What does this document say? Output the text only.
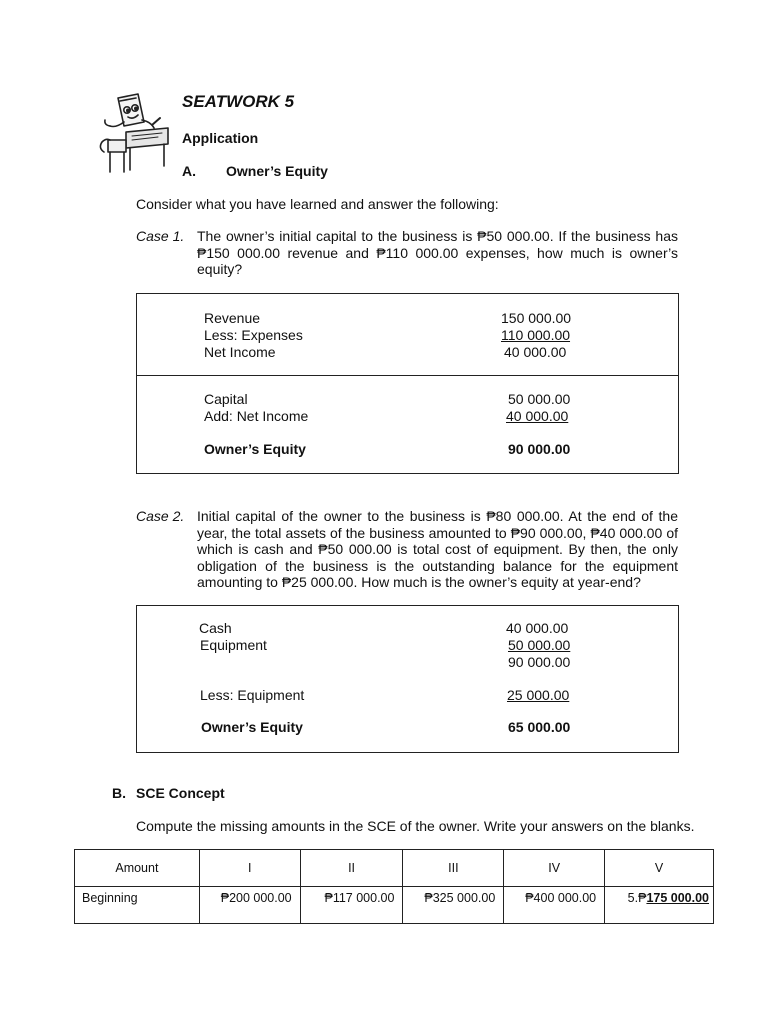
SEATWORK 5
Application
A. Owner’s Equity
Consider what you have learned and answer the following:
Case 1. The owner’s initial capital to the business is ₱50 000.00. If the business has ₱150 000.00 revenue and ₱110 000.00 expenses, how much is owner’s equity?
Revenue	150 000.00
Less: Expenses	110 000.00
Net Income	40 000.00
Capital	50 000.00
Add: Net Income	40 000.00
Owner’s Equity	90 000.00
Case 2. Initial capital of the owner to the business is ₱80 000.00. At the end of the year, the total assets of the business amounted to ₱90 000.00, ₱40 000.00 of which is cash and ₱50 000.00 is total cost of equipment. By then, the only obligation of the business is the outstanding balance for the equipment amounting to ₱25 000.00. How much is the owner’s equity at year-end?
Cash	40 000.00
Equipment	50 000.00
90 000.00
Less: Equipment	25 000.00
Owner’s Equity	65 000.00
B. SCE Concept
Compute the missing amounts in the SCE of the owner. Write your answers on the blanks.
Amount	I	II	III	IV	V
Beginning	₱200 000.00	₱117 000.00	₱325 000.00	₱400 000.00	5.₱175 000.00
